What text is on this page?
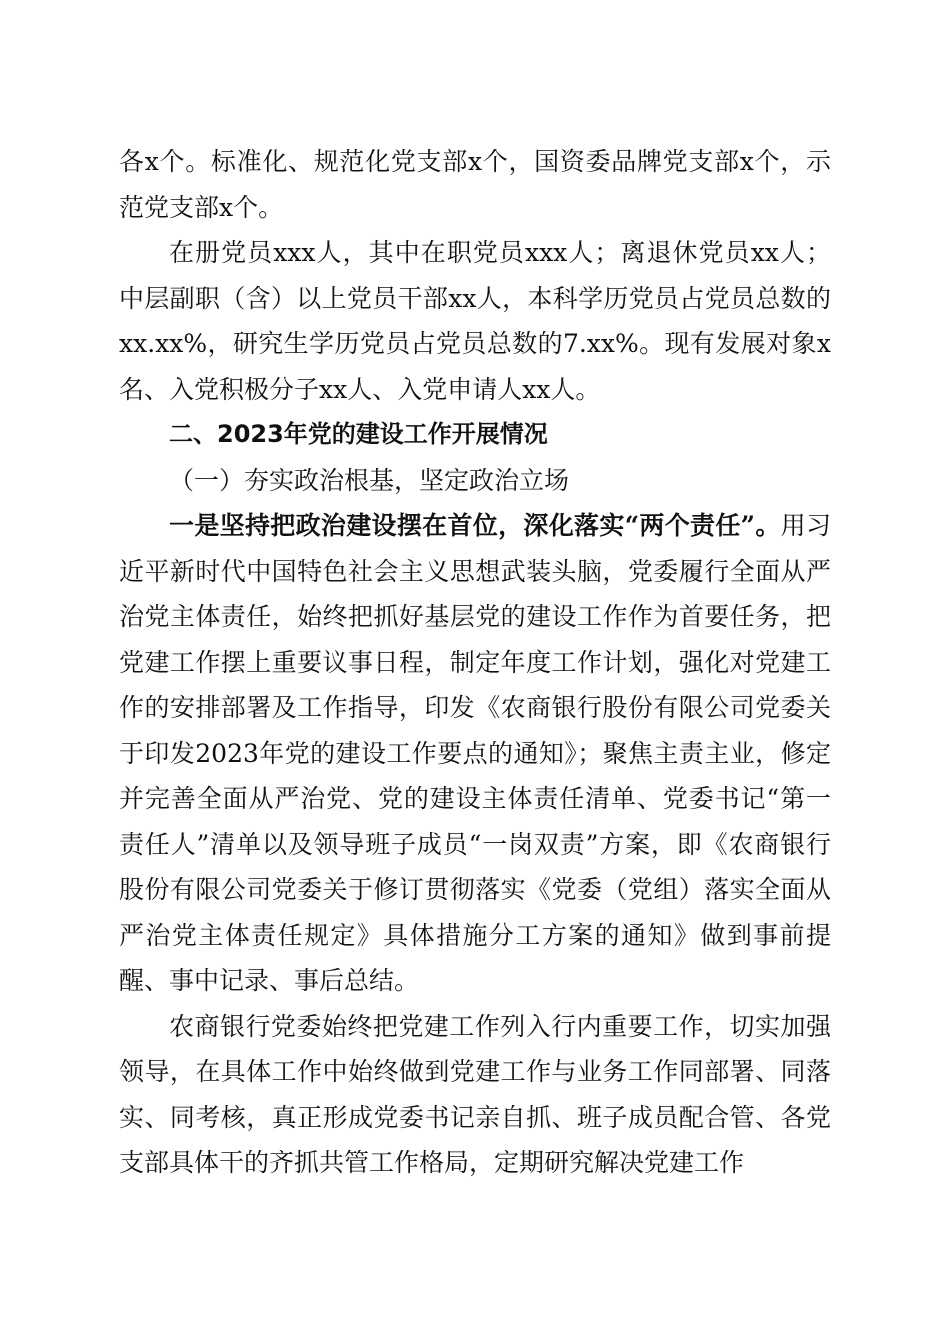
各x个。标准化、规范化党支部x个，国资委品牌党支部x个，示范党支部x个。

在册党员xxx人，其中在职党员xxx人；离退休党员xx人；中层副职（含）以上党员干部xx人，本科学历党员占党员总数的xx.xx%，研究生学历党员占党员总数的7.xx%。现有发展对象x名、入党积极分子xx人、入党申请人xx人。

二、2023年党的建设工作开展情况

（一）夯实政治根基，坚定政治立场

一是坚持把政治建设摆在首位，深化落实“两个责任”。用习近平新时代中国特色社会主义思想武装头脑，党委履行全面从严治党主体责任，始终把抓好基层党的建设工作作为首要任务，把党建工作摆上重要议事日程，制定年度工作计划，强化对党建工作的安排部署及工作指导，印发《农商银行股份有限公司党委关于印发2023年党的建设工作要点的通知》；聚焦主责主业，修定并完善全面从严治党、党的建设主体责任清单、党委书记“第一责任人”清单以及领导班子成员“一岗双责”方案，即《农商银行股份有限公司党委关于修订贯彻落实《党委（党组）落实全面从严治党主体责任规定》具体措施分工方案的通知》做到事前提醒、事中记录、事后总结。

农商银行党委始终把党建工作列入行内重要工作，切实加强领导，在具体工作中始终做到党建工作与业务工作同部署、同落实、同考核，真正形成党委书记亲自抓、班子成员配合管、各党支部具体干的齐抓共管工作格局，定期研究解决党建工作
